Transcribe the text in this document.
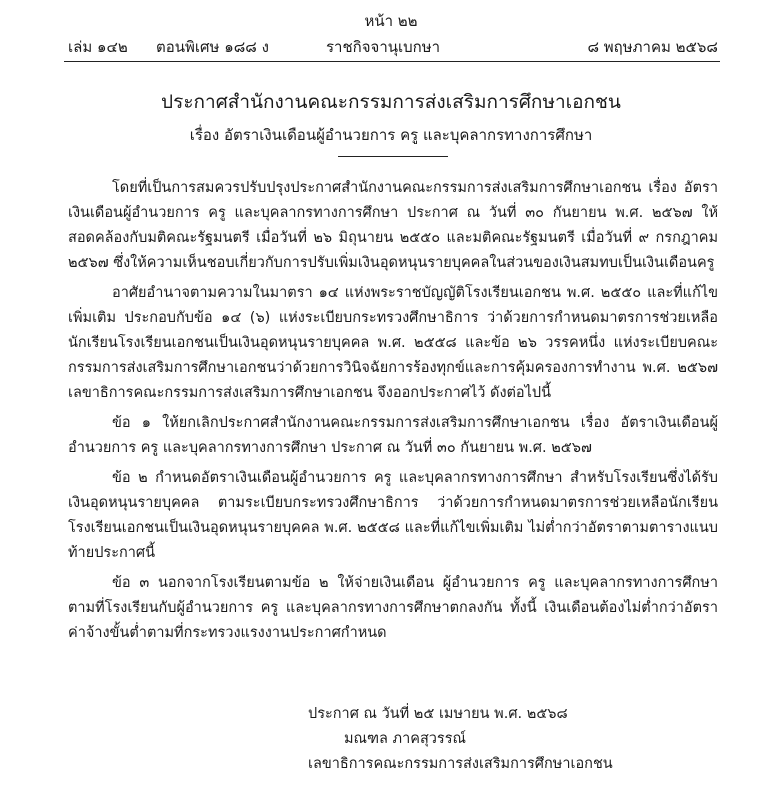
หน้า ๒๒
เล่ม ๑๔๒ ตอนพิเศษ ๑๘๘ ง	ราชกิจจานุเบกษา	๘ พฤษภาคม ๒๕๖๘
ประกาศสำนักงานคณะกรรมการส่งเสริมการศึกษาเอกชน
เรื่อง อัตราเงินเดือนผู้อำนวยการ ครู และบุคลากรทางการศึกษา

โดยที่เป็นการสมควรปรับปรุงประกาศสำนักงานคณะกรรมการส่งเสริมการศึกษาเอกชน เรื่อง อัตราเงินเดือนผู้อำนวยการ ครู และบุคลากรทางการศึกษา ประกาศ ณ วันที่ ๓๐ กันยายน พ.ศ. ๒๕๖๗ ให้สอดคล้องกับมติคณะรัฐมนตรี เมื่อวันที่ ๒๖ มิถุนายน ๒๕๕๐ และมติคณะรัฐมนตรี เมื่อวันที่ ๙ กรกฎาคม ๒๕๖๗ ซึ่งให้ความเห็นชอบเกี่ยวกับการปรับเพิ่มเงินอุดหนุนรายบุคคลในส่วนของเงินสมทบเป็นเงินเดือนครู

อาศัยอำนาจตามความในมาตรา ๑๔ แห่งพระราชบัญญัติโรงเรียนเอกชน พ.ศ. ๒๕๕๐ และที่แก้ไขเพิ่มเติม ประกอบกับข้อ ๑๔ (๖) แห่งระเบียบกระทรวงศึกษาธิการ ว่าด้วยการกำหนดมาตรการช่วยเหลือนักเรียนโรงเรียนเอกชนเป็นเงินอุดหนุนรายบุคคล พ.ศ. ๒๕๕๘ และข้อ ๒๖ วรรคหนึ่ง แห่งระเบียบคณะกรรมการส่งเสริมการศึกษาเอกชนว่าด้วยการวินิจฉัยการร้องทุกข์และการคุ้มครองการทำงาน พ.ศ. ๒๕๖๗ เลขาธิการคณะกรรมการส่งเสริมการศึกษาเอกชน จึงออกประกาศไว้ ดังต่อไปนี้

ข้อ ๑ ให้ยกเลิกประกาศสำนักงานคณะกรรมการส่งเสริมการศึกษาเอกชน เรื่อง อัตราเงินเดือนผู้อำนวยการ ครู และบุคลากรทางการศึกษา ประกาศ ณ วันที่ ๓๐ กันยายน พ.ศ. ๒๕๖๗

ข้อ ๒ กำหนดอัตราเงินเดือนผู้อำนวยการ ครู และบุคลากรทางการศึกษา สำหรับโรงเรียนซึ่งได้รับเงินอุดหนุนรายบุคคล ตามระเบียบกระทรวงศึกษาธิการ ว่าด้วยการกำหนดมาตรการช่วยเหลือนักเรียนโรงเรียนเอกชนเป็นเงินอุดหนุนรายบุคคล พ.ศ. ๒๕๕๘ และที่แก้ไขเพิ่มเติม ไม่ต่ำกว่าอัตราตามตารางแนบท้ายประกาศนี้

ข้อ ๓ นอกจากโรงเรียนตามข้อ ๒ ให้จ่ายเงินเดือน ผู้อำนวยการ ครู และบุคลากรทางการศึกษา ตามที่โรงเรียนกับผู้อำนวยการ ครู และบุคลากรทางการศึกษาตกลงกัน ทั้งนี้ เงินเดือนต้องไม่ต่ำกว่าอัตราค่าจ้างขั้นต่ำตามที่กระทรวงแรงงานประกาศกำหนด

ประกาศ ณ วันที่ ๒๕ เมษายน พ.ศ. ๒๕๖๘
มณฑล ภาคสุวรรณ์
เลขาธิการคณะกรรมการส่งเสริมการศึกษาเอกชน
